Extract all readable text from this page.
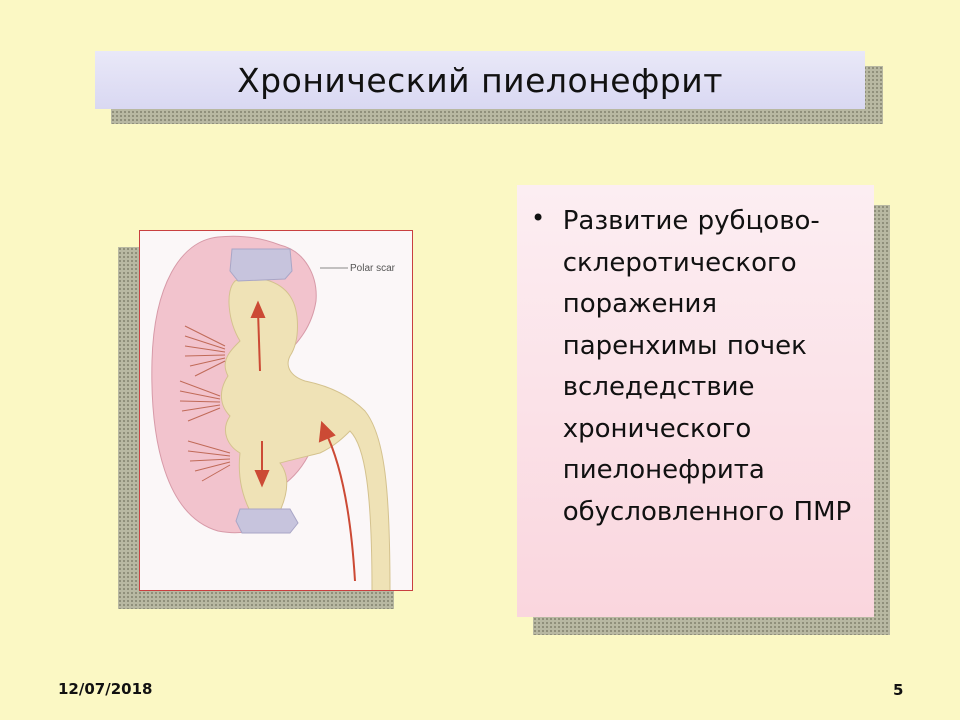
Хронический пиелонефрит
Polar scar
• Развитие рубцово-склеротического поражения паренхимы почек вследедствие хронического пиелонефрита обусловленного ПМР
12/07/2018	5
